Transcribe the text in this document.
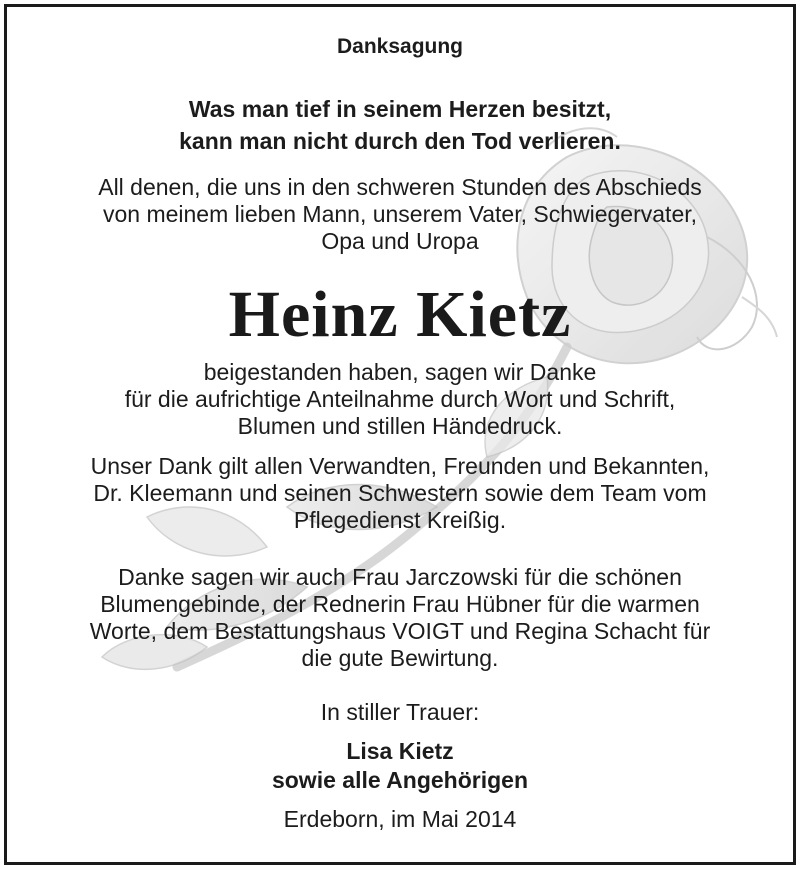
Danksagung
Was man tief in seinem Herzen besitzt,
kann man nicht durch den Tod verlieren.
All denen, die uns in den schweren Stunden des Abschieds
von meinem lieben Mann, unserem Vater, Schwiegervater,
Opa und Uropa
Heinz Kietz
beigestanden haben, sagen wir Danke
für die aufrichtige Anteilnahme durch Wort und Schrift,
Blumen und stillen Händedruck.
Unser Dank gilt allen Verwandten, Freunden und Bekannten,
Dr. Kleemann und seinen Schwestern sowie dem Team vom
Pflegedienst Kreißig.
Danke sagen wir auch Frau Jarczowski für die schönen
Blumengebinde, der Rednerin Frau Hübner für die warmen
Worte, dem Bestattungshaus VOIGT und Regina Schacht für
die gute Bewirtung.
In stiller Trauer:
Lisa Kietz
sowie alle Angehörigen
Erdeborn, im Mai 2014
